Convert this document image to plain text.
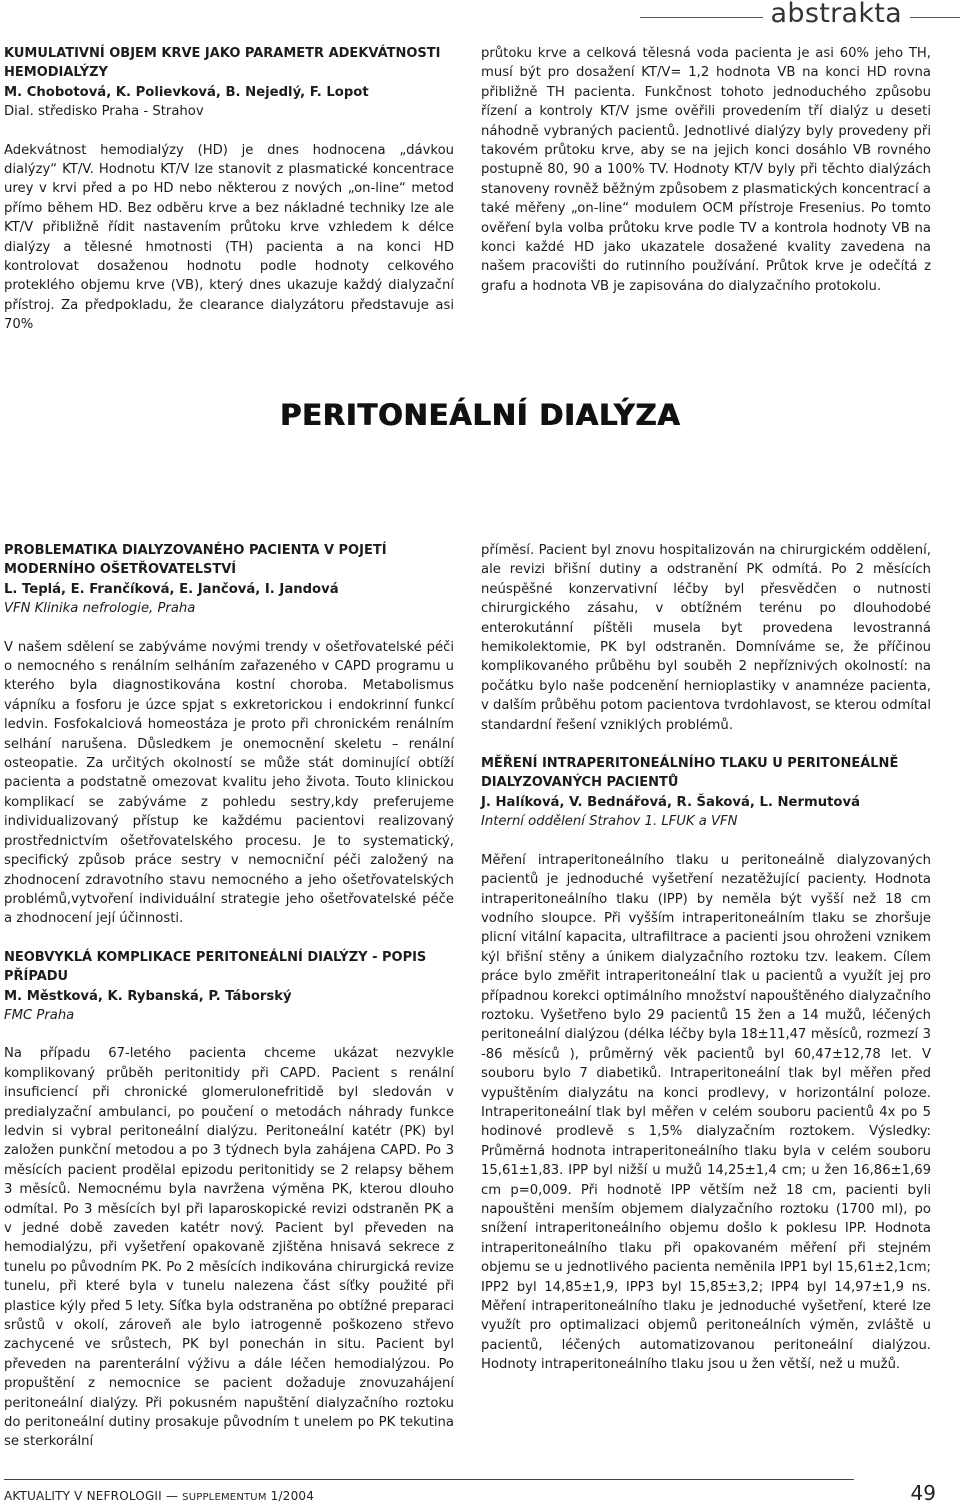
abstrakta
KUMULATIVNÍ OBJEM KRVE JAKO PARAMETR ADEKVÁTNOSTI HEMODIALÝZY
M. Chobotová, K. Polievková, B. Nejedlý, F. Lopot
Dial. středisko Praha - Strahov

Adekvátnost hemodialýzy (HD) je dnes hodnocena „dávkou dialýzy“ KT/V. Hodnotu KT/V lze stanovit z plasmatické koncentrace urey v krvi před a po HD nebo některou z nových „on-line“ metod přímo během HD. Bez odběru krve a bez nákladné techniky lze ale KT/V přibližně řídit nastavením průtoku krve vzhledem k délce dialýzy a tělesné hmotnosti (TH) pacienta a na konci HD kontrolovat dosaženou hodnotu podle hodnoty celkového proteklého objemu krve (VB), který dnes ukazuje každý dialyzační přístroj. Za předpokladu, že clearance dialyzátoru představuje asi 70%

průtoku krve a celková tělesná voda pacienta je asi 60% jeho TH, musí být pro dosažení KT/V= 1,2 hodnota VB na konci HD rovna přibližně TH pacienta. Funkčnost tohoto jednoduchého způsobu řízení a kontroly KT/V jsme ověřili provedením tří dialýz u deseti náhodně vybraných pacientů. Jednotlivé dialýzy byly provedeny při takovém průtoku krve, aby se na jejich konci dosáhlo VB rovného postupně 80, 90 a 100% TV. Hodnoty KT/V byly při těchto dialýzách stanoveny rovněž běžným způsobem z plasmatických koncentrací a také měřeny „on-line“ modulem OCM přístroje Fresenius. Po tomto ověření byla volba průtoku krve podle TV a kontrola hodnoty VB na konci každé HD jako ukazatele dosažené kvality zavedena na našem pracovišti do rutinního používání. Průtok krve je odečítá z grafu a hodnota VB je zapisována do dialyzačního protokolu.

PERITONEÁLNÍ DIALÝZA
PROBLEMATIKA DIALYZOVANÉHO PACIENTA V POJETÍ MODERNÍHO OŠETŘOVATELSTVÍ
L. Teplá, E. Frančíková, E. Jančová, I. Jandová
VFN Klinika nefrologie, Praha

V našem sdělení se zabýváme novými trendy v ošetřovatelské péči o nemocného s renálním selháním zařazeného v CAPD programu u kterého byla diagnostikována kostní choroba. Metabolismus vápníku a fosforu je úzce spjat s exkretorickou i endokrinní funkcí ledvin. Fosfokalciová homeostáza je proto při chronickém renálním selhání narušena. Důsledkem je onemocnění skeletu – renální osteopatie. Za určitých okolností se může stát dominující obtíží pacienta a podstatně omezovat kvalitu jeho života. Touto klinickou komplikací se zabýváme z pohledu sestry,kdy preferujeme individualizovaný přístup ke každému pacientovi realizovaný prostřednictvím ošetřovatelského procesu. Je to systematický, specifický způsob práce sestry v nemocniční péči založený na zhodnocení zdravotního stavu nemocného a jeho ošetřovatelských problémů,vytvoření individuální strategie jeho ošetřovatelské péče a zhodnocení její účinnosti.

NEOBVYKLÁ KOMPLIKACE PERITONEÁLNÍ DIALÝZY - POPIS PŘÍPADU
M. Městková, K. Rybanská, P. Táborský
FMC Praha

Na případu 67-letého pacienta chceme ukázat nezvykle komplikovaný průběh peritonitidy při CAPD. Pacient s renální insuficiencí při chronické glomerulonefritidě byl sledován v predialyzační ambulanci, po poučení o metodách náhrady funkce ledvin si vybral peritoneální dialýzu. Peritoneální katétr (PK) byl založen punkční metodou a po 3 týdnech byla zahájena CAPD. Po 3 měsících pacient prodělal epizodu peritonitidy se 2 relapsy během 3 měsíců. Nemocnému byla navržena výměna PK, kterou dlouho odmítal. Po 3 měsících byl při laparoskopické revizi odstraněn PK a v jedné době zaveden katétr nový. Pacient byl převeden na hemodialýzu, při vyšetření opakovaně zjištěna hnisavá sekrece z tunelu po původním PK. Po 2 měsících indikována chirurgická revize tunelu, při které byla v tunelu nalezena část síťky použité při plastice kýly před 5 lety. Síťka byla odstraněna po obtížné preparaci srůstů v okolí, zároveň ale bylo iatrogenně poškozeno střevo zachycené ve srůstech, PK byl ponechán in situ. Pacient byl převeden na parenterální výživu a dále léčen hemodialýzou. Po propuštění z nemocnice se pacient dožaduje znovuzahájení peritoneální dialýzy. Při pokusném napuštění dialyzačního roztoku do peritoneální dutiny prosakuje původním t unelem po PK tekutina se sterkorální

příměsí. Pacient byl znovu hospitalizován na chirurgickém oddělení, ale revizi břišní dutiny a odstranění PK odmítá. Po 2 měsících neúspěšné konzervativní léčby byl přesvědčen o nutnosti chirurgického zásahu, v obtížném terénu po dlouhodobé enterokutánní píštěli musela byt provedena levostranná hemikolektomie, PK byl odstraněn. Domníváme se, že příčinou komplikovaného průběhu byl souběh 2 nepříznivých okolností: na počátku bylo naše podcenění hernioplastiky v anamnéze pacienta, v dalším průběhu potom pacientova tvrdohlavost, se kterou odmítal standardní řešení vzniklých problémů.

MĚŘENÍ INTRAPERITONEÁLNÍHO TLAKU U PERITONEÁLNĚ DIALYZOVANÝCH PACIENTŮ
J. Halíková, V. Bednářová, R. Šaková, L. Nermutová
Interní oddělení Strahov 1. LFUK a VFN

Měření intraperitoneálního tlaku u peritoneálně dialyzovaných pacientů je jednoduché vyšetření nezatěžující pacienty. Hodnota intraperitoneálního tlaku (IPP) by neměla být vyšší než 18 cm vodního sloupce. Při vyšším intraperitoneálním tlaku se zhoršuje plicní vitální kapacita, ultrafiltrace a pacienti jsou ohroženi vznikem kýl břišní stěny a únikem dialyzačního roztoku tzv. leakem. Cílem práce bylo změřit intraperitoneální tlak u pacientů a využít jej pro případnou korekci optimálního množství napouštěného dialyzačního roztoku. Vyšetřeno bylo 29 pacientů 15 žen a 14 mužů, léčených peritoneální dialýzou (délka léčby byla 18±11,47 měsíců, rozmezí 3 -86 měsíců ), průměrný věk pacientů byl 60,47±12,78 let. V souboru bylo 7 diabetiků. Intraperitoneální tlak byl měřen před vypuštěním dialyzátu na konci prodlevy, v horizontální poloze. Intraperitoneální tlak byl měřen v celém souboru pacientů 4x po 5 hodinové prodlevě s 1,5% dialyzačním roztokem. Výsledky: Průměrná hodnota intraperitoneálního tlaku byla v celém souboru 15,61±1,83. IPP byl nižší u mužů 14,25±1,4 cm; u žen 16,86±1,69 cm p=0,009. Při hodnotě IPP větším než 18 cm, pacienti byli napouštěni menším objemem dialyzačního roztoku (1700 ml), po snížení intraperitoneálního objemu došlo k poklesu IPP. Hodnota intraperitoneálního tlaku při opakovaném měření při stejném objemu se u jednotlivého pacienta neměnila IPP1 byl 15,61±2,1cm; IPP2 byl 14,85±1,9, IPP3 byl 15,85±3,2; IPP4 byl 14,97±1,9 ns. Měření intraperitoneálního tlaku je jednoduché vyšetření, které lze využít pro optimalizaci objemů peritoneálních výměn, zvláště u pacientů, léčených automatizovanou peritoneální dialýzou. Hodnoty intraperitoneálního tlaku jsou u žen větší, než u mužů.

AKTUALITY V NEFROLOGII — SUPPLEMENTUM 1/2004	49
